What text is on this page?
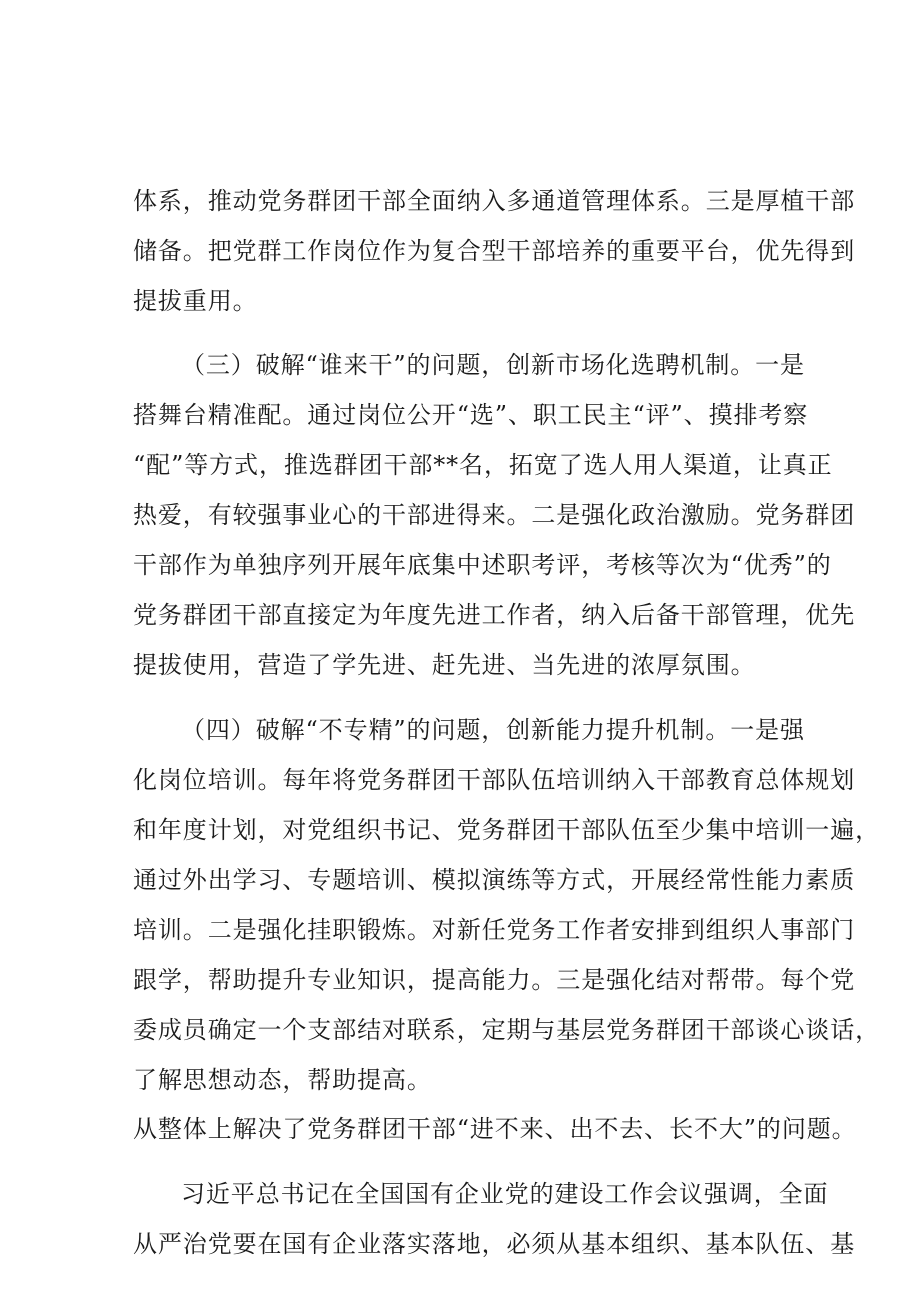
体系，推动党务群团干部全面纳入多通道管理体系。三是厚植干部
储备。把党群工作岗位作为复合型干部培养的重要平台，优先得到
提拔重用。
（三）破解“谁来干”的问题，创新市场化选聘机制。一是
搭舞台精准配。通过岗位公开“选”、职工民主“评”、摸排考察
“配”等方式，推选群团干部**名，拓宽了选人用人渠道，让真正
热爱，有较强事业心的干部进得来。二是强化政治激励。党务群团
干部作为单独序列开展年底集中述职考评，考核等次为“优秀”的
党务群团干部直接定为年度先进工作者，纳入后备干部管理，优先
提拔使用，营造了学先进、赶先进、当先进的浓厚氛围。
（四）破解“不专精”的问题，创新能力提升机制。一是强
化岗位培训。每年将党务群团干部队伍培训纳入干部教育总体规划
和年度计划，对党组织书记、党务群团干部队伍至少集中培训一遍，
通过外出学习、专题培训、模拟演练等方式，开展经常性能力素质
培训。二是强化挂职锻炼。对新任党务工作者安排到组织人事部门
跟学，帮助提升专业知识，提高能力。三是强化结对帮带。每个党
委成员确定一个支部结对联系，定期与基层党务群团干部谈心谈话，
了解思想动态，帮助提高。
从整体上解决了党务群团干部“进不来、出不去、长不大”的问题。
习近平总书记在全国国有企业党的建设工作会议强调，全面
从严治党要在国有企业落实落地，必须从基本组织、基本队伍、基
